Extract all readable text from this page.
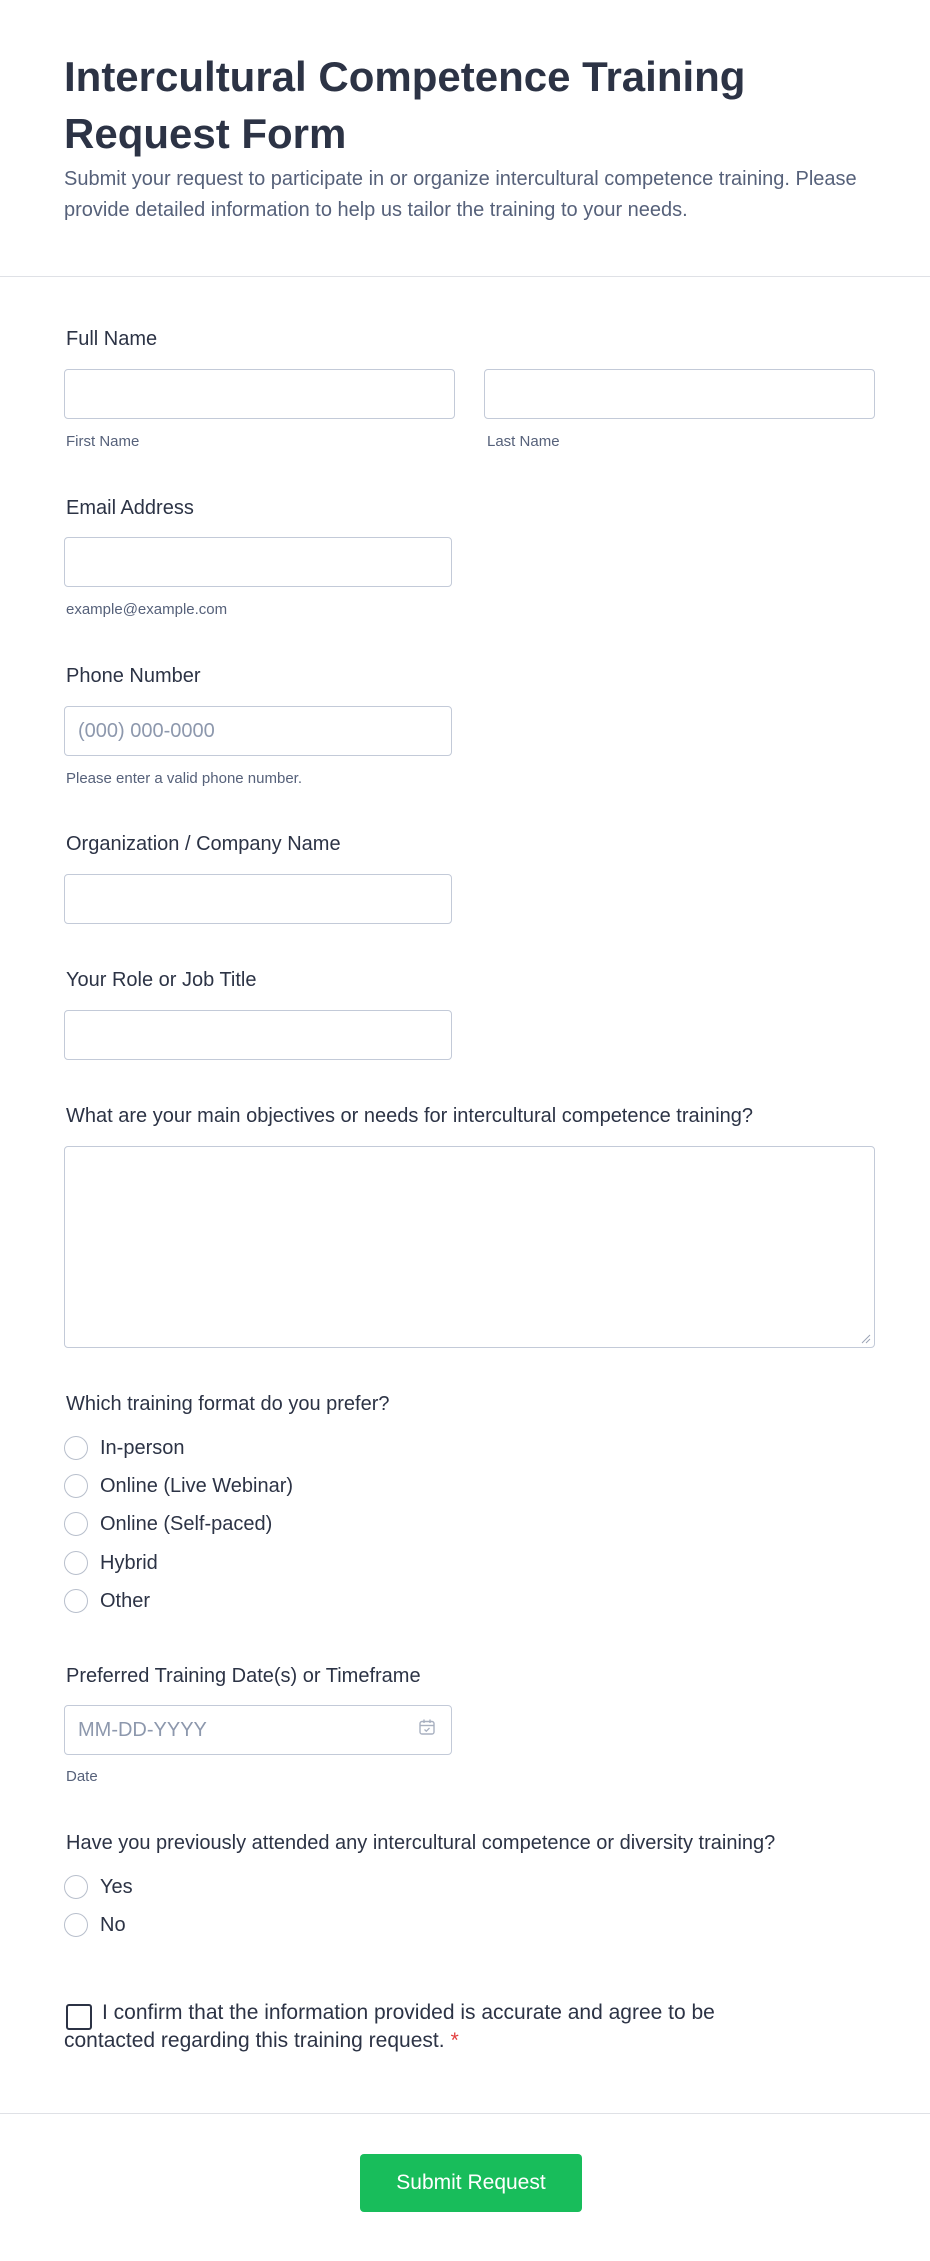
Intercultural Competence Training Request Form

Submit your request to participate in or organize intercultural competence training. Please provide detailed information to help us tailor the training to your needs.

Full Name
First Name	Last Name
Email Address
example@example.com
Phone Number
(000) 000-0000
Please enter a valid phone number.
Organization / Company Name
Your Role or Job Title
What are your main objectives or needs for intercultural competence training?
Which training format do you prefer?
In-person
Online (Live Webinar)
Online (Self-paced)
Hybrid
Other
Preferred Training Date(s) or Timeframe
MM-DD-YYYY
Date
Have you previously attended any intercultural competence or diversity training?
Yes
No
I confirm that the information provided is accurate and agree to be contacted regarding this training request. *
Submit Request
